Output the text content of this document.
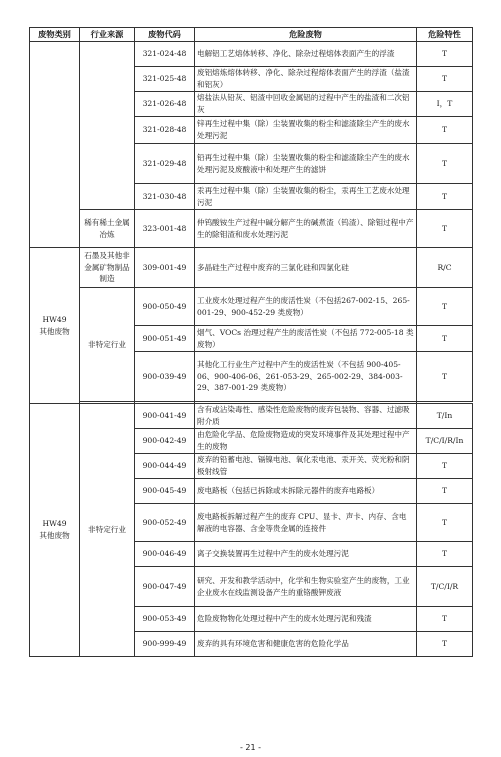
废物类别	行业来源	废物代码	危险废物	危险特性
		321-024-48	电解铝工艺熔体转移、净化、除杂过程熔体表面产生的浮渣	T
		321-025-48	废铝熔炼熔体转移、净化、除杂过程熔体表面产生的浮渣（盐渣和铝灰）	T
		321-026-48	熔盐法从铅灰、铝渣中回收金属铝的过程中产生的盐渣和二次铝灰	I，T
		321-028-48	锌再生过程中集（除）尘装置收集的粉尘和滤渣除尘产生的废水处理污泥	T
		321-029-48	铅再生过程中集（除）尘装置收集的粉尘和滤渣除尘产生的废水处理污泥及废酸液中和处理产生的滤饼	T
		321-030-48	汞再生过程中集（除）尘装置收集的粉尘，汞再生工艺废水处理污泥	T
	稀有稀土金属冶炼	323-001-48	仲钨酸铵生产过程中碱分解产生的碱煮渣（钨渣）、除钼过程中产生的除钼渣和废水处理污泥	T
HW49
其他废物	石墨及其他非金属矿物制品制造	309-001-49	多晶硅生产过程中废弃的三氯化硅和四氯化硅	R/C
	非特定行业	900-050-49	工业废水处理过程产生的废活性炭（不包括267-002-15、265-001-29、900-452-29 类废物）	T
		900-051-49	烟气、VOCs 治理过程产生的废活性炭（不包括 772-005-18 类废物）	T
		900-039-49	其他化工行业生产过程中产生的废活性炭（不包括 900-405-06、900-406-06、261-053-29、265-002-29、384-003-29、387-001-29 类废物）	T

HW49
其他废物	非特定行业	900-041-49	含有或沾染毒性、感染性危险废物的废弃包装物、容器、过滤吸附介质	T/In
		900-042-49	由危险化学品、危险废物造成的突发环境事件及其处理过程中产生的废物	T/C/I/R/In
		900-044-49	废弃的铅蓄电池、镉镍电池、氧化汞电池、汞开关、荧光粉和阴极射线管	T
		900-045-49	废电路板（包括已拆除或未拆除元器件的废弃电路板）	T
		900-052-49	废电路板拆解过程产生的废弃 CPU、显卡、声卡、内存、含电解液的电容器、含金等贵金属的连接件	T
		900-046-49	离子交换装置再生过程中产生的废水处理污泥	T
		900-047-49	研究、开发和教学活动中，化学和生物实验室产生的废物，工业企业废水在线监测设备产生的重铬酸钾废液	T/C/I/R
		900-053-49	危险废物物化处理过程中产生的废水处理污泥和残渣	T
		900-999-49	废弃的具有环境危害和健康危害的危险化学品	T
- 21 -
